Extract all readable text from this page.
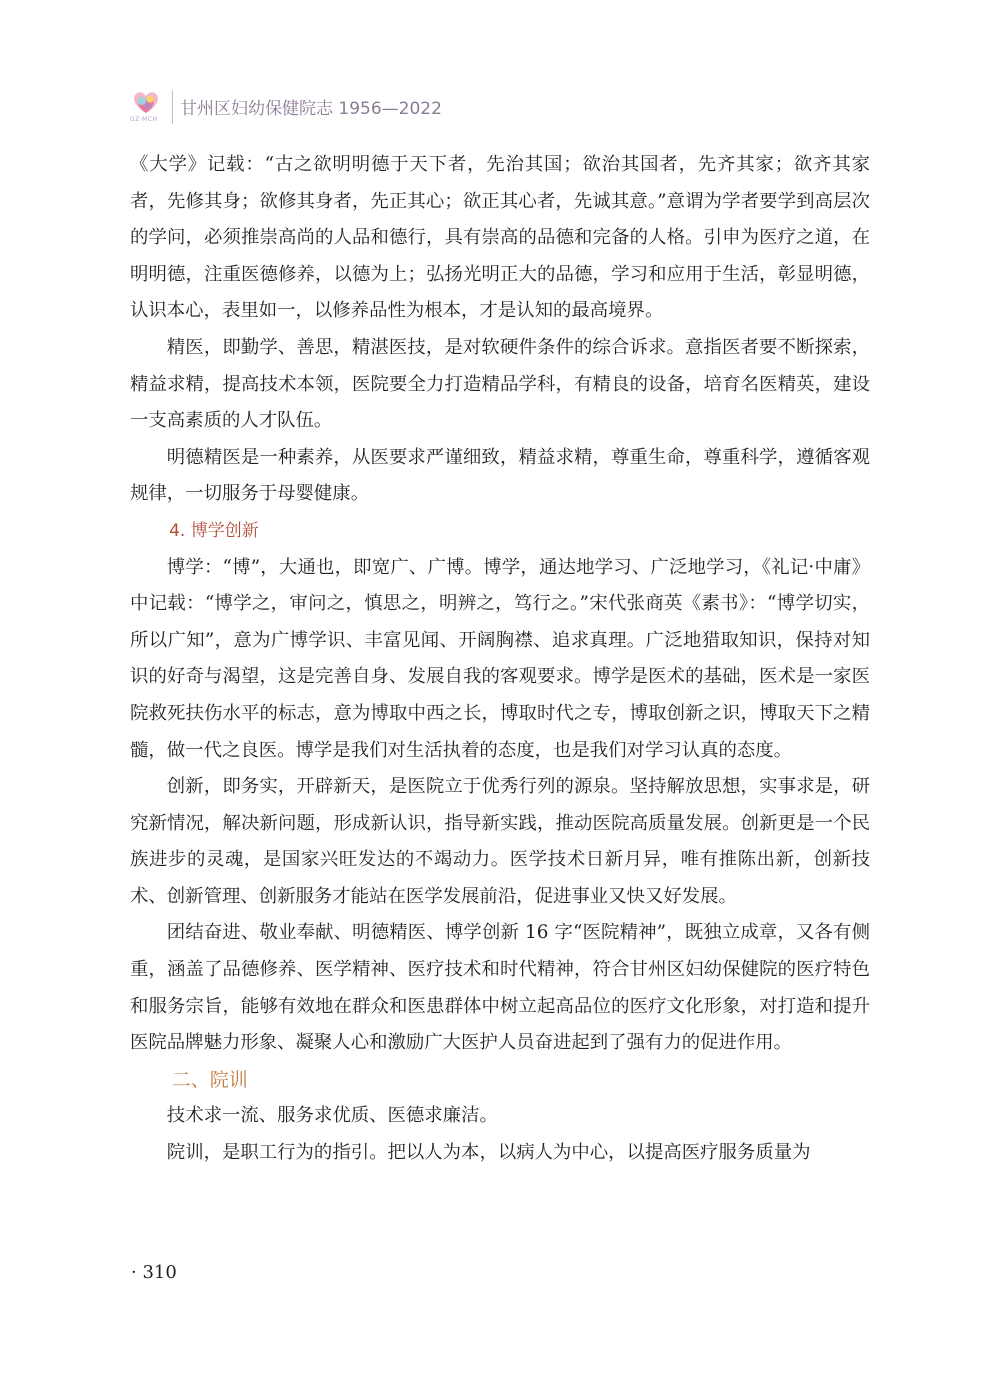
GZ·MCH
甘州区妇幼保健院志 1956—2022

《大学》记载：“古之欲明明德于天下者，先治其国；欲治其国者，先齐其家；欲齐其家者，先修其身；欲修其身者，先正其心；欲正其心者，先诚其意。”意谓为学者要学到高层次的学问，必须推崇高尚的人品和德行，具有崇高的品德和完备的人格。引申为医疗之道，在明明德，注重医德修养，以德为上；弘扬光明正大的品德，学习和应用于生活，彰显明德，认识本心，表里如一，以修养品性为根本，才是认知的最高境界。

精医，即勤学、善思，精湛医技，是对软硬件条件的综合诉求。意指医者要不断探索，精益求精，提高技术本领，医院要全力打造精品学科，有精良的设备，培育名医精英，建设一支高素质的人才队伍。

明德精医是一种素养，从医要求严谨细致，精益求精，尊重生命，尊重科学，遵循客观规律，一切服务于母婴健康。

4. 博学创新

博学：“博”，大通也，即宽广、广博。博学，通达地学习、广泛地学习，《礼记·中庸》中记载：“博学之，审问之，慎思之，明辨之，笃行之。”宋代张商英《素书》：“博学切实，所以广知”，意为广博学识、丰富见闻、开阔胸襟、追求真理。广泛地猎取知识，保持对知识的好奇与渴望，这是完善自身、发展自我的客观要求。博学是医术的基础，医术是一家医院救死扶伤水平的标志，意为博取中西之长，博取时代之专，博取创新之识，博取天下之精髓，做一代之良医。博学是我们对生活执着的态度，也是我们对学习认真的态度。

创新，即务实，开辟新天，是医院立于优秀行列的源泉。坚持解放思想，实事求是，研究新情况，解决新问题，形成新认识，指导新实践，推动医院高质量发展。创新更是一个民族进步的灵魂，是国家兴旺发达的不竭动力。医学技术日新月异，唯有推陈出新，创新技术、创新管理、创新服务才能站在医学发展前沿，促进事业又快又好发展。

团结奋进、敬业奉献、明德精医、博学创新 16 字“医院精神”，既独立成章，又各有侧重，涵盖了品德修养、医学精神、医疗技术和时代精神，符合甘州区妇幼保健院的医疗特色和服务宗旨，能够有效地在群众和医患群体中树立起高品位的医疗文化形象，对打造和提升医院品牌魅力形象、凝聚人心和激励广大医护人员奋进起到了强有力的促进作用。

二、院训

技术求一流、服务求优质、医德求廉洁。

院训，是职工行为的指引。把以人为本，以病人为中心，以提高医疗服务质量为

· 310
